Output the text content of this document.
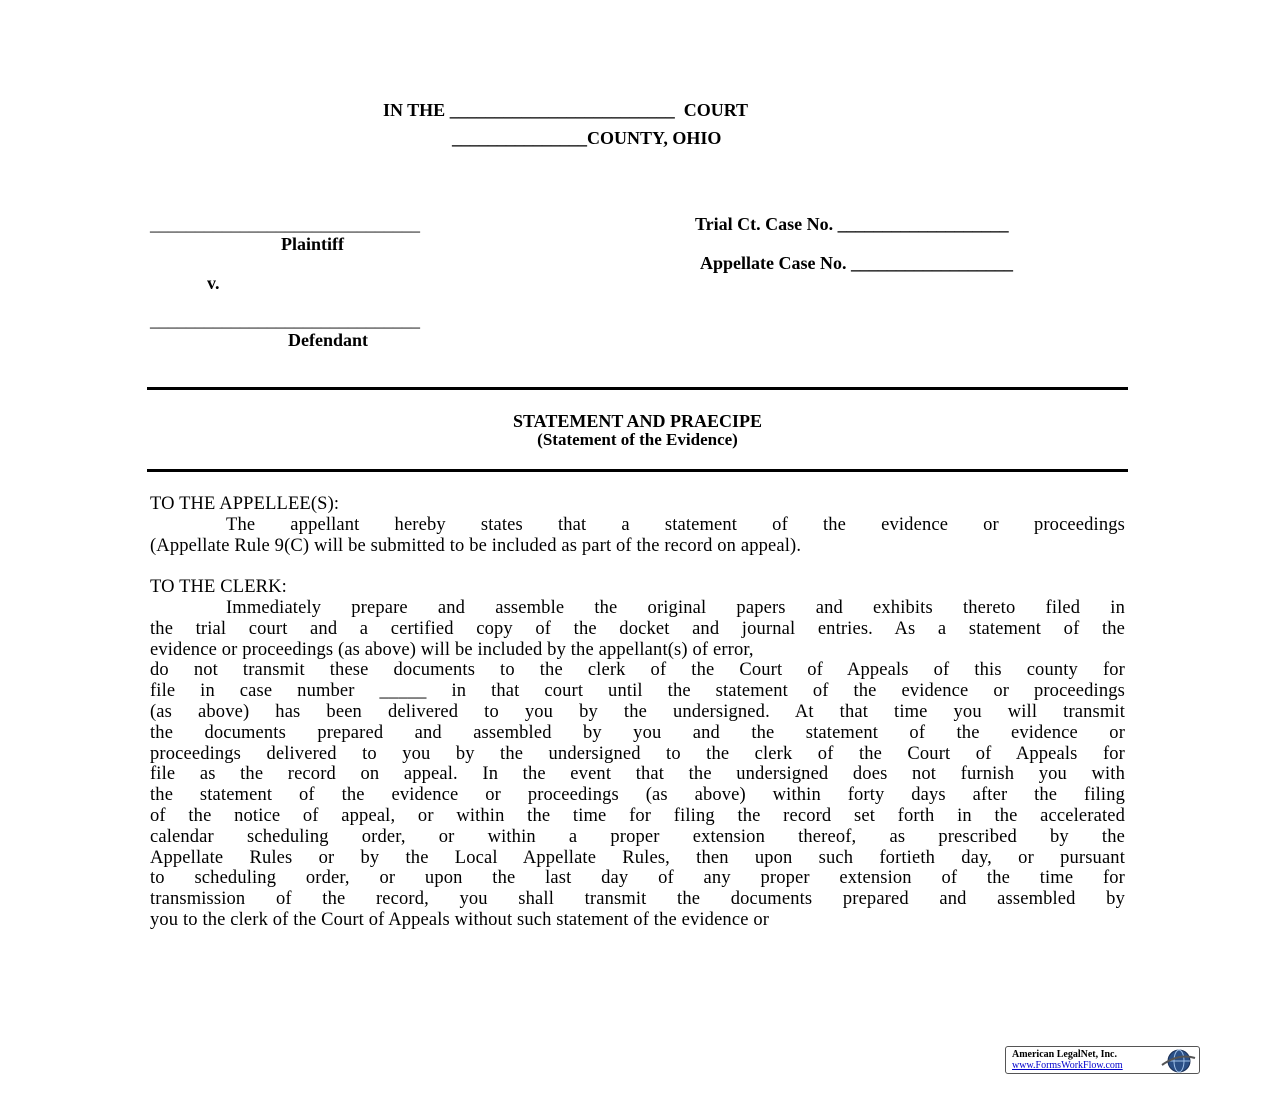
IN THE _________________________  COURT
_______________COUNTY, OHIO
______________________________
Plaintiff
v.
______________________________
Defendant
Trial Ct. Case No. ___________________
Appellate Case No. __________________
STATEMENT AND PRAECIPE
(Statement of the Evidence)
TO THE APPELLEE(S):
The appellant hereby states that a statement of the evidence or proceedings
(Appellate Rule 9(C) will be submitted to be included as part of the record on appeal).
TO THE CLERK:
Immediately prepare and assemble the original papers and exhibits thereto filed in
the trial court and a certified copy of the docket and journal entries. As a statement of the
evidence or proceedings (as above) will be included by the appellant(s) of error,
do not transmit these documents to the clerk of the Court of Appeals of this county for
file in case number _____ in that court until the statement of the evidence or proceedings
(as above) has been delivered to you by the undersigned. At that time you will transmit
the documents prepared and assembled by you and the statement of the evidence or
proceedings delivered to you by the undersigned to the clerk of the Court of Appeals for
file as the record on appeal. In the event that the undersigned does not furnish you with
the statement of the evidence or proceedings (as above) within forty days after the filing
of the notice of appeal, or within the time for filing the record set forth in the accelerated
calendar scheduling order, or within a proper extension thereof, as prescribed by the
Appellate Rules or by the Local Appellate Rules, then upon such fortieth day, or pursuant
to scheduling order, or upon the last day of any proper extension of the time for
transmission of the record, you shall transmit the documents prepared and assembled by
you to the clerk of the Court of Appeals without such statement of the evidence or
American LegalNet, Inc.
www.FormsWorkFlow.com
